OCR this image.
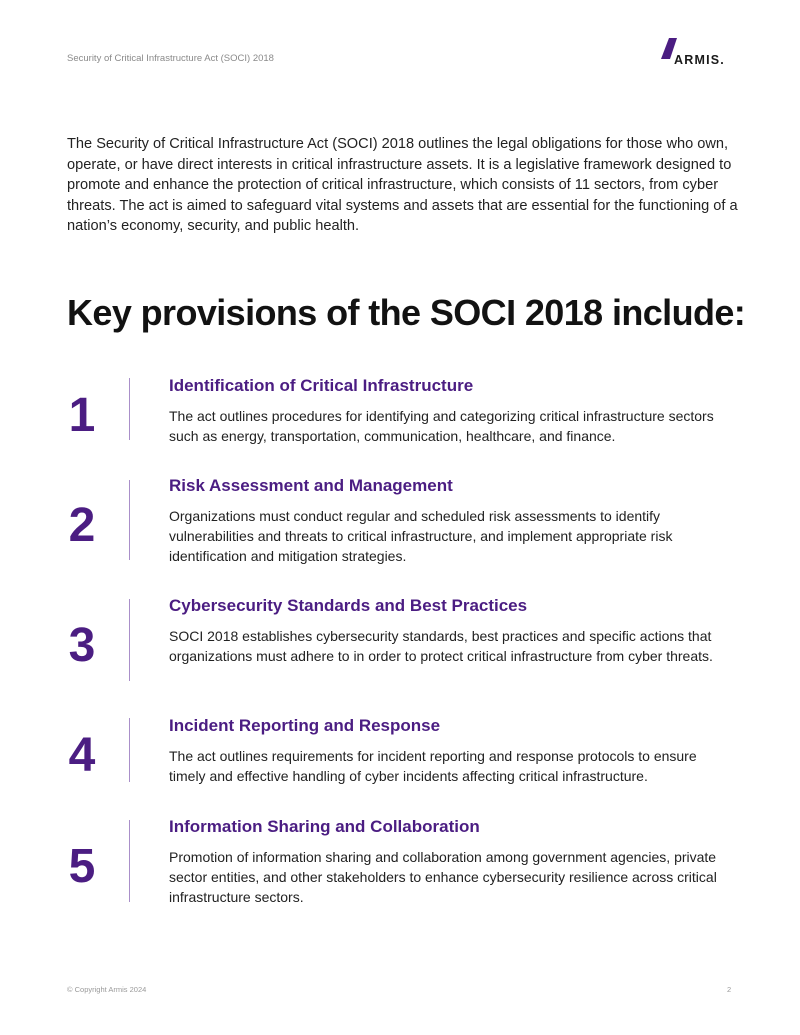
Security of Critical Infrastructure Act (SOCI) 2018	ARMIS.

The Security of Critical Infrastructure Act (SOCI) 2018 outlines the legal obligations for those who own, operate, or have direct interests in critical infrastructure assets. It is a legislative framework designed to promote and enhance the protection of critical infrastructure, which consists of 11 sectors, from cyber threats. The act is aimed to safeguard vital systems and assets that are essential for the functioning of a nation’s economy, security, and public health.

Key provisions of the SOCI 2018 include:
1
Identification of Critical Infrastructure

The act outlines procedures for identifying and categorizing critical infrastructure sectors such as energy, transportation, communication, healthcare, and finance.

2
Risk Assessment and Management

Organizations must conduct regular and scheduled risk assessments to identify vulnerabilities and threats to critical infrastructure, and implement appropriate risk identification and mitigation strategies.

3
Cybersecurity Standards and Best Practices

SOCI 2018 establishes cybersecurity standards, best practices and specific actions that organizations must adhere to in order to protect critical infrastructure from cyber threats.

4
Incident Reporting and Response

The act outlines requirements for incident reporting and response protocols to ensure timely and effective handling of cyber incidents affecting critical infrastructure.

5
Information Sharing and Collaboration

Promotion of information sharing and collaboration among government agencies, private sector entities, and other stakeholders to enhance cybersecurity resilience across critical infrastructure sectors.

© Copyright Armis 2024	2
